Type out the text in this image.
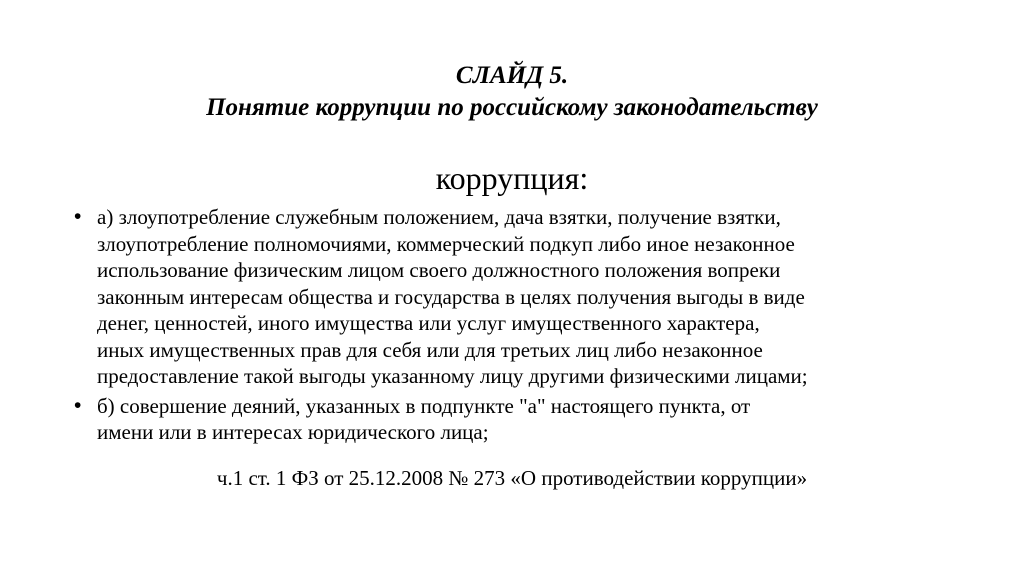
СЛАЙД 5.
Понятие коррупции по российскому законодательству

коррупция:

• а) злоупотребление служебным положением, дача взятки, получение взятки,
злоупотребление полномочиями, коммерческий подкуп либо иное незаконное
использование физическим лицом своего должностного положения вопреки
законным интересам общества и государства в целях получения выгоды в виде
денег, ценностей, иного имущества или услуг имущественного характера,
иных имущественных прав для себя или для третьих лиц либо незаконное
предоставление такой выгоды указанному лицу другими физическими лицами;
• б) совершение деяний, указанных в подпункте "а" настоящего пункта, от
имени или в интересах юридического лица;

ч.1 ст. 1 ФЗ от 25.12.2008 № 273 «О противодействии коррупции»
